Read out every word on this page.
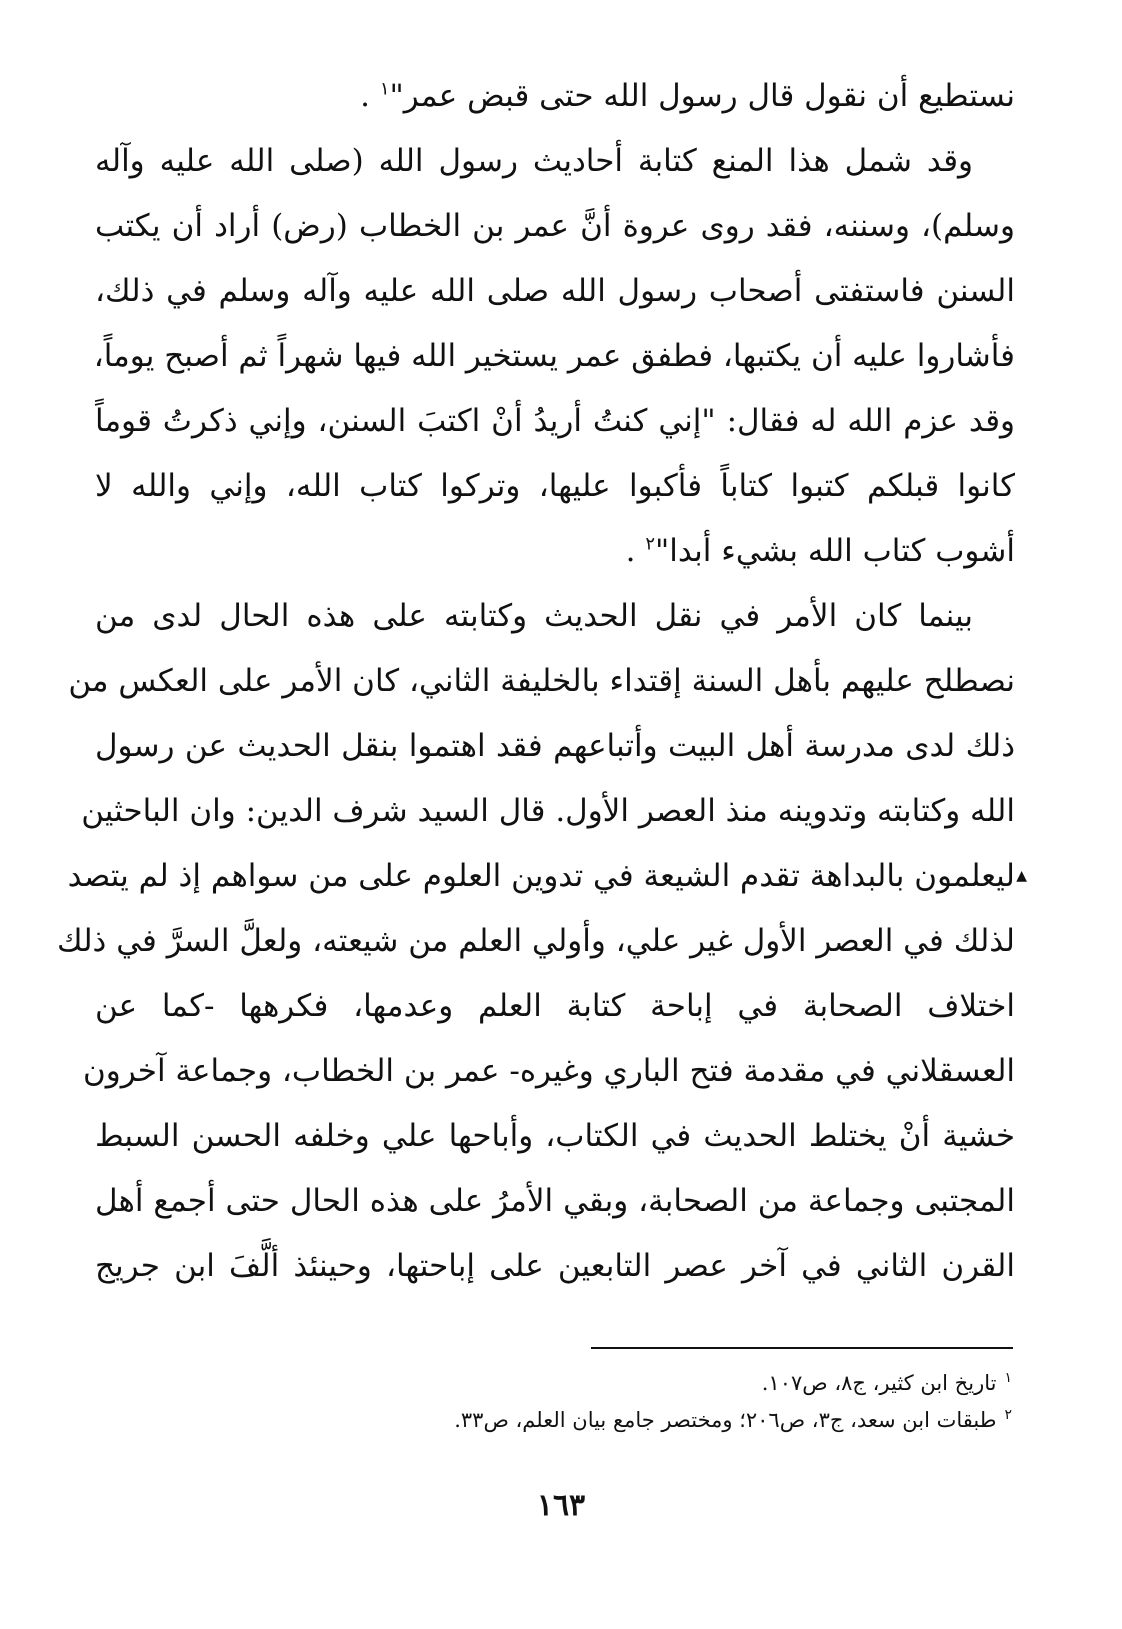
نستطيع أن نقول قال رسول الله حتى قبض عمر"$^١$ .
وقد شمل هذا المنع كتابة أحاديث رسول الله (صلى الله عليه وآله
وسلم)، وسننه، فقد روى عروة أنَّ عمر بن الخطاب (رض) أراد أن يكتب
السنن فاستفتى أصحاب رسول الله صلى الله عليه وآله وسلم في ذلك،
فأشاروا عليه أن يكتبها، فطفق عمر يستخير الله فيها شهراً ثم أصبح يوماً،
وقد عزم الله له فقال: "إني كنتُ أريدُ أنْ اكتبَ السنن، وإني ذكرتُ قوماً
كانوا قبلكم كتبوا كتاباً فأكبوا عليها، وتركوا كتاب الله، وإني والله لا
أشوب كتاب الله بشيء أبدا"$^٢$ .
بينما كان الأمر في نقل الحديث وكتابته على هذه الحال لدى من
نصطلح عليهم بأهل السنة إقتداء بالخليفة الثاني، كان الأمر على العكس من
ذلك لدى مدرسة أهل البيت وأتباعهم فقد اهتموا بنقل الحديث عن رسول
الله وكتابته وتدوينه منذ العصر الأول. قال السيد شرف الدين: وان الباحثين
▲
ليعلمون بالبداهة تقدم الشيعة في تدوين العلوم على من سواهم إذ لم يتصد
لذلك في العصر الأول غير علي، وأولي العلم من شيعته، ولعلَّ السرَّ في ذلك
اختلاف الصحابة في إباحة كتابة العلم وعدمها، فكرهها -كما عن
العسقلاني في مقدمة فتح الباري وغيره- عمر بن الخطاب، وجماعة آخرون
خشية أنْ يختلط الحديث في الكتاب، وأباحها علي وخلفه الحسن السبط
المجتبى وجماعة من الصحابة، وبقي الأمرُ على هذه الحال حتى أجمع أهل
القرن الثاني في آخر عصر التابعين على إباحتها، وحينئذ ألَّفَ ابن جريج
$^١$تاريخ ابن كثير، ج٨، ص١٠٧.
$^٢$طبقات ابن سعد، ج٣، ص٢٠٦؛ ومختصر جامع بيان العلم، ص٣٣.
١٦٣
